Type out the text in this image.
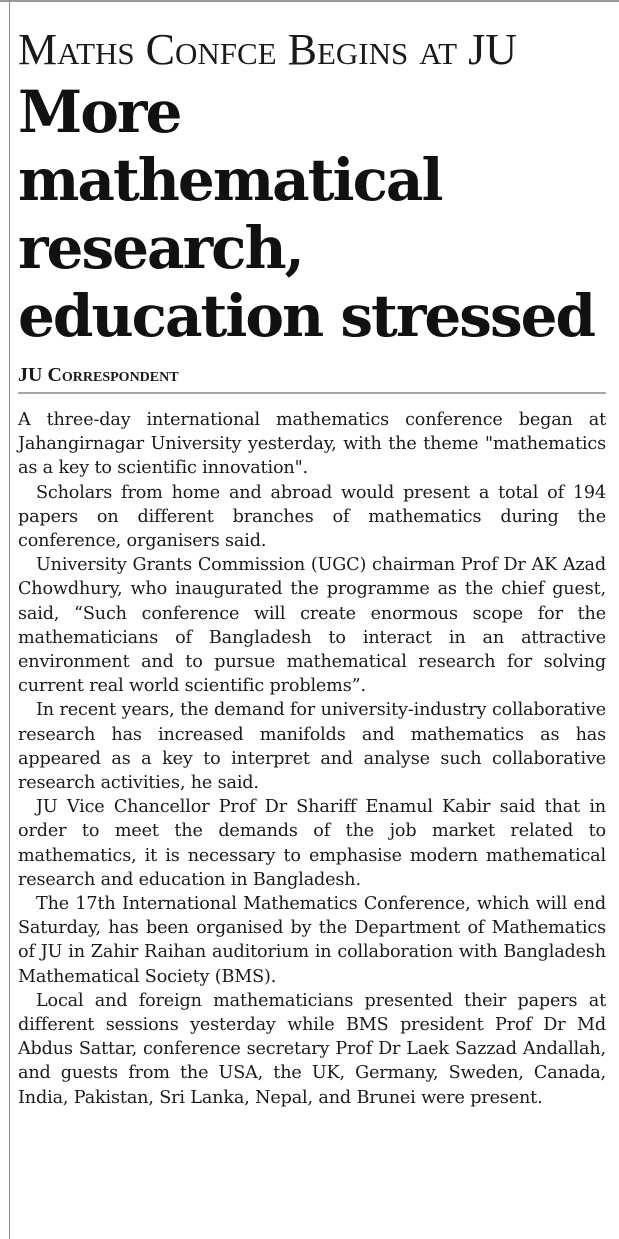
Maths Confce Begins at JU
More mathematical research, education stressed
JU Correspondent

A three-day international mathematics conference began at Jahangirnagar University yesterday, with the theme "mathematics as a key to scientific innovation".

Scholars from home and abroad would present a total of 194 papers on different branches of mathematics during the conference, organisers said.

University Grants Commission (UGC) chairman Prof Dr AK Azad Chowdhury, who inaugurated the programme as the chief guest, said, “Such conference will create enormous scope for the mathematicians of Bangladesh to interact in an attractive environment and to pursue mathematical research for solving current real world scientific problems”.

In recent years, the demand for university-industry collaborative research has increased manifolds and mathematics as has appeared as a key to interpret and analyse such collaborative research activities, he said.

JU Vice Chancellor Prof Dr Shariff Enamul Kabir said that in order to meet the demands of the job market related to mathematics, it is necessary to emphasise modern mathematical research and education in Bangladesh.

The 17th International Mathematics Conference, which will end Saturday, has been organised by the Department of Mathematics of JU in Zahir Raihan auditorium in collaboration with Bangladesh Mathematical Society (BMS).

Local and foreign mathematicians presented their papers at different sessions yesterday while BMS president Prof Dr Md Abdus Sattar, conference secretary Prof Dr Laek Sazzad Andallah, and guests from the USA, the UK, Germany, Sweden, Canada, India, Pakistan, Sri Lanka, Nepal, and Brunei were present.
